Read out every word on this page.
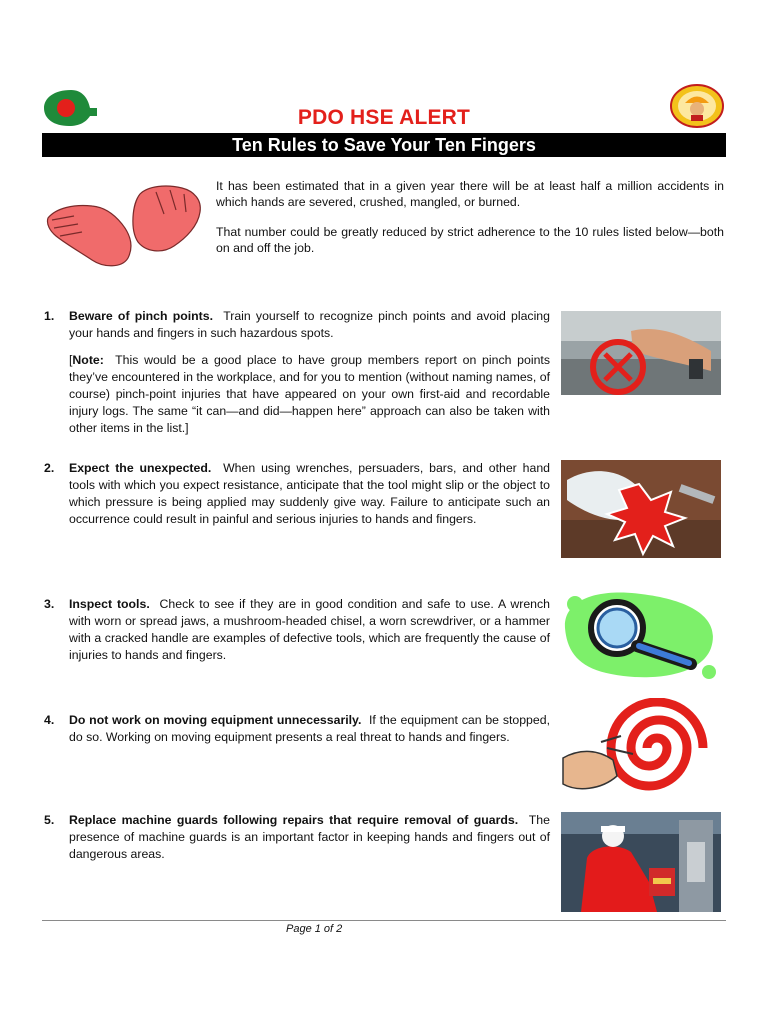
PDO HSE ALERT
Ten Rules to Save Your Ten Fingers

It has been estimated that in a given year there will be at least half a million accidents in which hands are severed, crushed, mangled, or burned.

That number could be greatly reduced by strict adherence to the 10 rules listed below—both on and off the job.

1. Beware of pinch points. Train yourself to recognize pinch points and avoid placing your hands and fingers in such hazardous spots.

[Note: This would be a good place to have group members report on pinch points they’ve encountered in the workplace, and for you to mention (without naming names, of course) pinch-point injuries that have appeared on your own first-aid and recordable injury logs. The same “it can—and did—happen here” approach can also be taken with other items in the list.]

2. Expect the unexpected. When using wrenches, persuaders, bars, and other hand tools with which you expect resistance, anticipate that the tool might slip or the object to which pressure is being applied may suddenly give way. Failure to anticipate such an occurrence could result in painful and serious injuries to hands and fingers.

3. Inspect tools. Check to see if they are in good condition and safe to use. A wrench with worn or spread jaws, a mushroom-headed chisel, a worn screwdriver, or a hammer with a cracked handle are examples of defective tools, which are frequently the cause of injuries to hands and fingers.

4. Do not work on moving equipment unnecessarily. If the equipment can be stopped, do so. Working on moving equipment presents a real threat to hands and fingers.

5. Replace machine guards following repairs that require removal of guards. The presence of machine guards is an important factor in keeping hands and fingers out of dangerous areas.

Page 1 of 2
